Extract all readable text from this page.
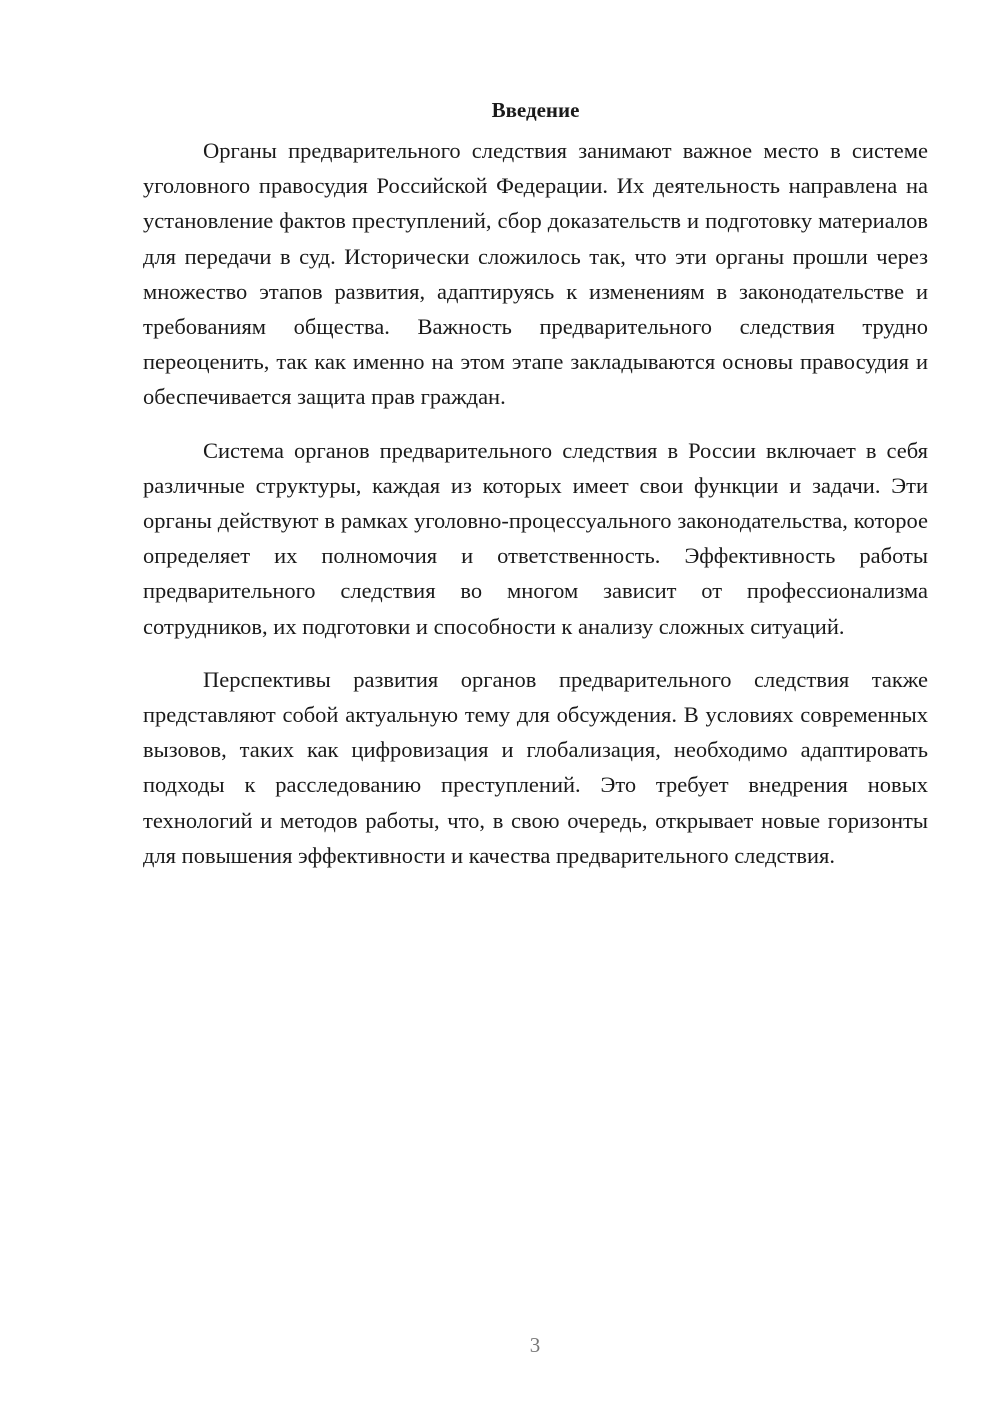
Введение

Органы предварительного следствия занимают важное место в системе уголовного правосудия Российской Федерации. Их деятельность направлена на установление фактов преступлений, сбор доказательств и подготовку материалов для передачи в суд. Исторически сложилось так, что эти органы прошли через множество этапов развития, адаптируясь к изменениям в законодательстве и требованиям общества. Важность предварительного следствия трудно переоценить, так как именно на этом этапе закладываются основы правосудия и обеспечивается защита прав граждан.

Система органов предварительного следствия в России включает в себя различные структуры, каждая из которых имеет свои функции и задачи. Эти органы действуют в рамках уголовно-процессуального законодательства, которое определяет их полномочия и ответственность. Эффективность работы предварительного следствия во многом зависит от профессионализма сотрудников, их подготовки и способности к анализу сложных ситуаций.

Перспективы развития органов предварительного следствия также представляют собой актуальную тему для обсуждения. В условиях современных вызовов, таких как цифровизация и глобализация, необходимо адаптировать подходы к расследованию преступлений. Это требует внедрения новых технологий и методов работы, что, в свою очередь, открывает новые горизонты для повышения эффективности и качества предварительного следствия.

3
